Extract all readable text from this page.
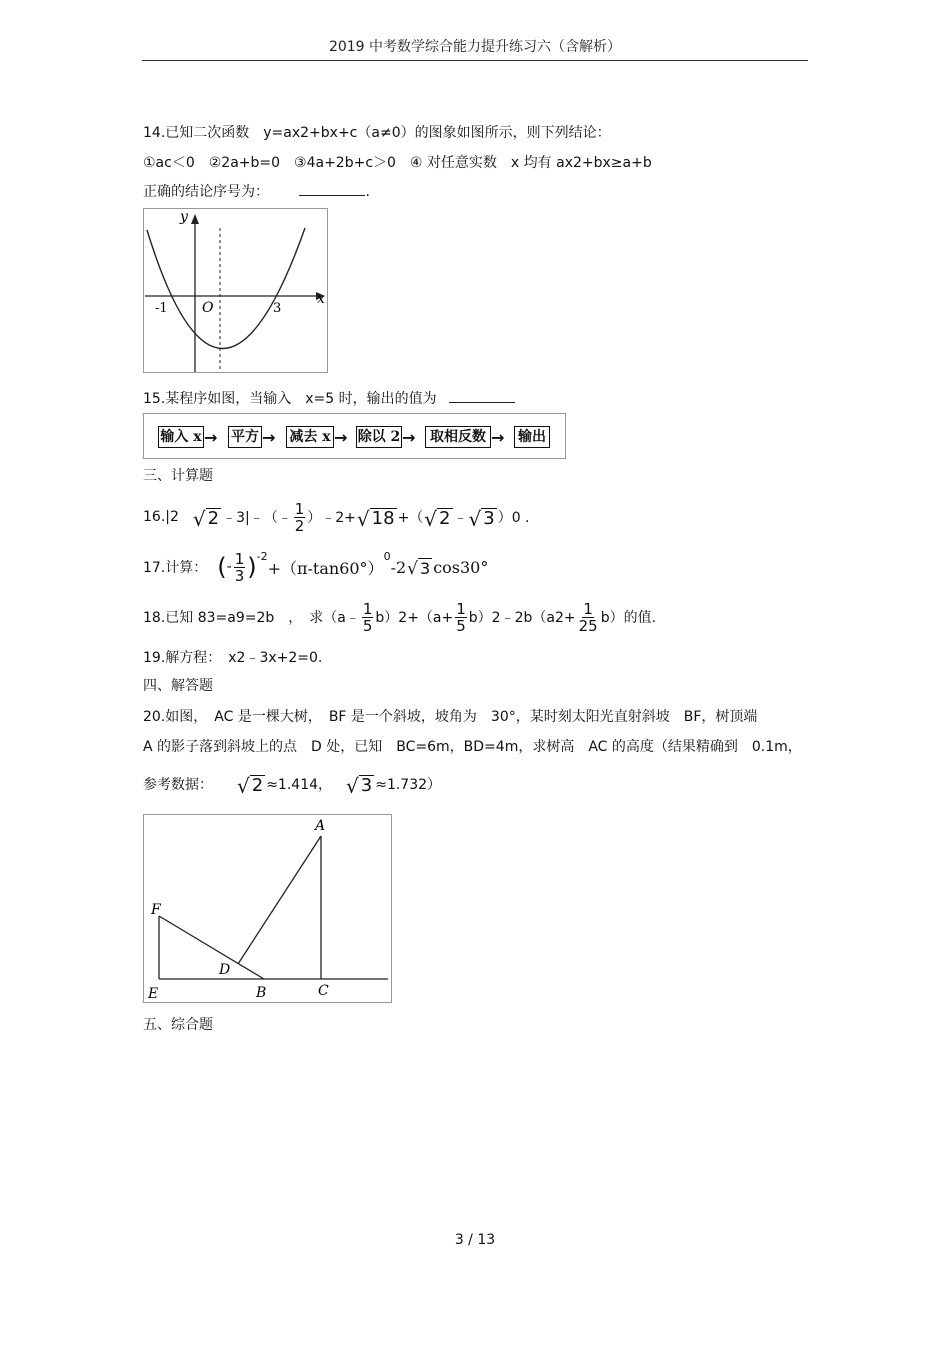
2019 中考数学综合能力提升练习六（含解析）
14.已知二次函数　y=ax2+bx+c（a≠0）的图象如图所示，则下列结论：
①ac＜0　②2a+b=0　③4a+2b+c＞0　④ 对任意实数　x 均有 ax2+bx≥a+b
正确的结论序号为：	.
y
x
O
-1	3
15.某程序如图，当输入　x=5 时，输出的值为
输入 x → 平方 → 减去 x → 除以 2 →	取相反数 → 输出
三、计算题
16.|2 √ 2 ﹣3|﹣（﹣ $\frac{1}{2}$ ）﹣2+ √ 18 +（ √ 2 ﹣ √ 3 ）0 .
17.计算： ( - $\frac{1}{3} )^{-2}$
+（π-tan60°）
$^0$
-2 √ 3 cos30°
18.已知 83=a9=2b　，　求（a﹣ $\frac{1}{5} b)2+(a+ \frac{1}{5}$ b）2﹣2b（a2+ $\frac{1}{25} b$）的值.
19.解方程：　x2﹣3x+2=0.
四、解答题
20.如图，　AC 是一棵大树，　BF 是一个斜坡，坡角为　30°，某时刻太阳光直射斜坡　BF，树顶端
A 的影子落到斜坡上的点　D 处，已知　BC=6m，BD=4m，求树高　AC 的高度（结果精确到　0.1m，
参考数据： √ 2 ≈1.414， √ 3 ≈1.732）
A
F
D
E	B	C
五、综合题
3 / 13
